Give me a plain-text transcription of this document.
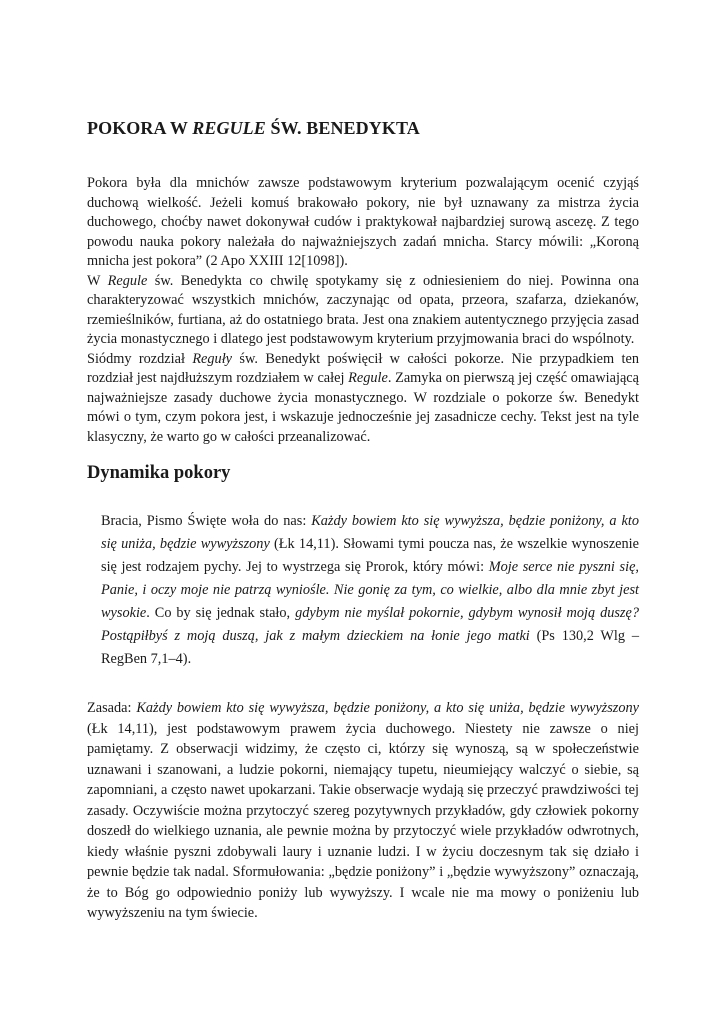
POKORA W REGULE ŚW. BENEDYKTA

Pokora była dla mnichów zawsze podstawowym kryterium pozwalającym ocenić czyjąś duchową wielkość. Jeżeli komuś brakowało pokory, nie był uznawany za mistrza życia duchowego, choćby nawet dokonywał cudów i praktykował najbardziej surową ascezę. Z tego powodu nauka pokory należała do najważniejszych zadań mnicha. Starcy mówili: „Koroną mnicha jest pokora” (2 Apo XXIII 12[1098]).

W Regule św. Benedykta co chwilę spotykamy się z odniesieniem do niej. Powinna ona charakteryzować wszystkich mnichów, zaczynając od opata, przeora, szafarza, dziekanów, rzemieślników, furtiana, aż do ostatniego brata. Jest ona znakiem autentycznego przyjęcia zasad życia monastycznego i dlatego jest podstawowym kryterium przyjmowania braci do wspólnoty.

Siódmy rozdział Reguły św. Benedykt poświęcił w całości pokorze. Nie przypadkiem ten rozdział jest najdłuższym rozdziałem w całej Regule. Zamyka on pierwszą jej część omawiającą najważniejsze zasady duchowe życia monastycznego. W rozdziale o pokorze św. Benedykt mówi o tym, czym pokora jest, i wskazuje jednocześnie jej zasadnicze cechy. Tekst jest na tyle klasyczny, że warto go w całości przeanalizować.

Dynamika pokory

Bracia, Pismo Święte woła do nas: Każdy bowiem kto się wywyższa, będzie poniżony, a kto się uniża, będzie wywyższony (Łk 14,11). Słowami tymi poucza nas, że wszelkie wynoszenie się jest rodzajem pychy. Jej to wystrzega się Prorok, który mówi: Moje serce nie pyszni się, Panie, i oczy moje nie patrzą wyniośle. Nie gonię za tym, co wielkie, albo dla mnie zbyt jest wysokie. Co by się jednak stało, gdybym nie myślał pokornie, gdybym wynosił moją duszę? Postąpiłbyś z moją duszą, jak z małym dzieckiem na łonie jego matki (Ps 130,2 Wlg – RegBen 7,1–4).

Zasada: Każdy bowiem kto się wywyższa, będzie poniżony, a kto się uniża, będzie wywyższony (Łk 14,11), jest podstawowym prawem życia duchowego. Niestety nie zawsze o niej pamiętamy. Z obserwacji widzimy, że często ci, którzy się wynoszą, są w społeczeństwie uznawani i szanowani, a ludzie pokorni, niemający tupetu, nieumiejący walczyć o siebie, są zapomniani, a często nawet upokarzani. Takie obserwacje wydają się przeczyć prawdziwości tej zasady. Oczywiście można przytoczyć szereg pozytywnych przykładów, gdy człowiek pokorny doszedł do wielkiego uznania, ale pewnie można by przytoczyć wiele przykładów odwrotnych, kiedy właśnie pyszni zdobywali laury i uznanie ludzi. I w życiu doczesnym tak się działo i pewnie będzie tak nadal. Sformułowania: „będzie poniżony” i „będzie wywyższony” oznaczają, że to Bóg go odpowiednio poniży lub wywyższy. I wcale nie ma mowy o poniżeniu lub wywyższeniu na tym świecie.
